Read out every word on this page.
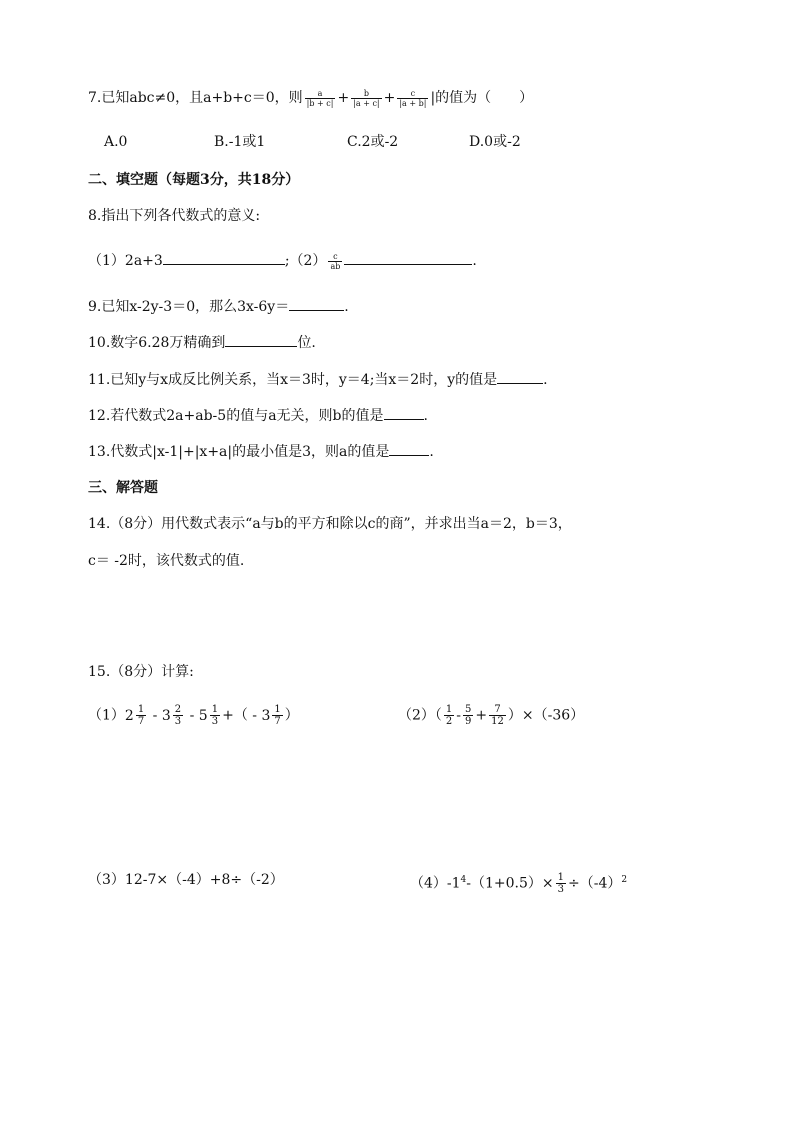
7.已知abc≠0，且a+b+c＝0，则 $\frac{a}{|b + c|} + \frac{b}{|a + c|} + \frac{c}{|a + b|}$ |的值为（　　）
A.0	B.-1或1	C.2或-2	D.0或-2
二、填空题（每题3分，共18分）
8.指出下列各代数式的意义:
（1）2a+3	;（2） $\frac{c}{ab}$	.
9.已知x-2y-3＝0，那么3x-6y＝	.
10.数字6.28万精确到	位.
11.已知y与x成反比例关系，当x＝3时，y＝4;当x＝2时，y的值是	.
12.若代数式2a+ab-5的值与a无关，则b的值是	.
13.代数式|x-1|+|x+a|的最小值是3，则a的值是	.
三、解答题
14.（8分）用代数式表示“a与b的平方和除以c的商”，并求出当a＝2，b＝3，
c＝ -2时，该代数式的值.
15.（8分）计算:
（1） $2 \frac{1}{7} - 3 \frac{2}{3} - 5 \frac{1}{3}$ +（ - $3 \frac{1}{7}$ ）	$(2)( \frac{1}{2} - \frac{5}{9} + \frac{7}{12} )\times(-36)$
（3）12-7×（-4）+8÷（-2）	$(4)-1^4-(1+0.5)\times \frac{1}{3} \div(-4)^2$
